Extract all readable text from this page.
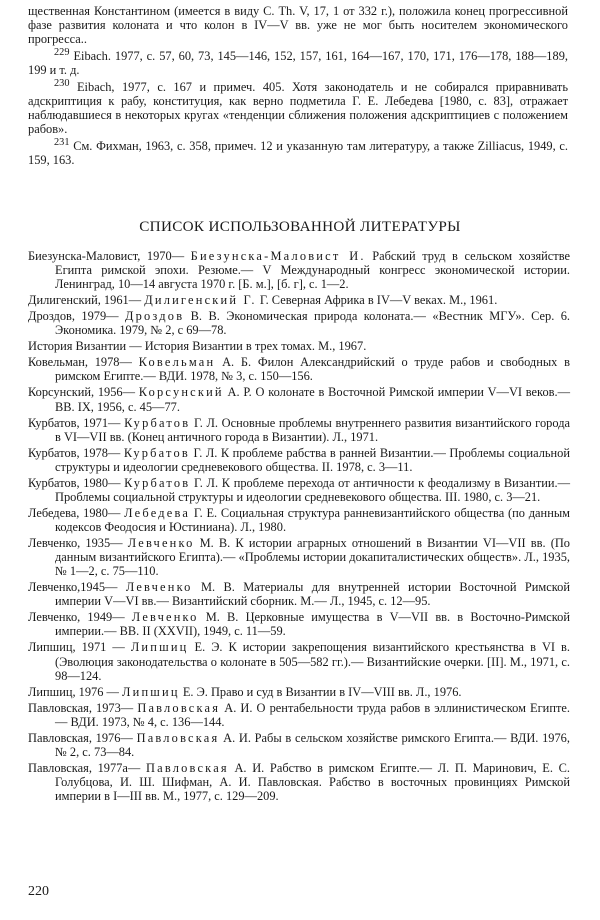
щественная Константином (имеется в виду С. Th. V, 17, 1 от 332 г.), положила конец прогрессивной фазе развития колоната и что колон в IV—V вв. уже не мог быть носителем экономического прогресса..

$^{229}$ Eibach. 1977, с. 57, 60, 73, 145—146, 152, 157, 161, 164—167, 170, 171, 176—178, 188—189, 199 и т. д.

$^{230}$ Eibach, 1977, с. 167 и примеч. 405. Хотя законодатель и не собирался приравнивать адскриптиция к рабу, конституция, как верно подметила Г. Е. Лебедева [1980, с. 83], отражает наблюдавшиеся в некоторых кругах «тенденции сближения положения адскриптициев с положением рабов».

$^{231}$ См. Фихман, 1963, с. 358, примеч. 12 и указанную там литературу, а также Zilliacus, 1949, с. 159, 163.

СПИСОК ИСПОЛЬЗОВАННОЙ ЛИТЕРАТУРЫ

Биезунска-Маловист, 1970— Биезунска-Маловист И. Рабский труд в сельском хозяйстве Египта римской эпохи. Резюме.— V Международный конгресс экономической истории. Ленинград, 10—14 августа 1970 г. [Б. м.], [б. г], с. 1—2.

Дилигенский, 1961— Дилигенский Г. Г. Северная Африка в IV—V веках. М., 1961.

Дроздов, 1979— Дроздов В. В. Экономическая природа колоната.— «Вестник МГУ». Сер. 6. Экономика. 1979, № 2, с 69—78.

История Византии — История Византии в трех томах. М., 1967.

Ковельман, 1978— Ковельман А. Б. Филон Александрийский о труде рабов и свободных в римском Египте.— ВДИ. 1978, № 3, с. 150—156.

Корсунский, 1956— Корсунский А. Р. О колонате в Восточной Римской империи V—VI веков.— ВВ. IX, 1956, с. 45—77.

Курбатов, 1971— Курбатов Г. Л. Основные проблемы внутреннего развития византийского города в VI—VII вв. (Конец античного города в Византии). Л., 1971.

Курбатов, 1978— Курбатов Г. Л. К проблеме рабства в ранней Византии.— Проблемы социальной структуры и идеологии средневекового общества. II. 1978, с. 3—11.

Курбатов, 1980— Курбатов Г. Л. К проблеме перехода от античности к феодализму в Византии.— Проблемы социальной структуры и идеологии средневекового общества. III. 1980, с. 3—21.

Лебедева, 1980— Лебедева Г. Е. Социальная структура ранневизантийского общества (по данным кодексов Феодосия и Юстиниана). Л., 1980.

Левченко, 1935— Левченко М. В. К истории аграрных отношений в Византии VI—VII вв. (По данным византийского Египта).— «Проблемы истории докапиталистических обществ». Л., 1935, № 1—2, с. 75—110.

Левченко,1945— Левченко М. В. Материалы для внутренней истории Восточной Римской империи V—VI вв.— Византийский сборник. М.— Л., 1945, с. 12—95.

Левченко, 1949— Левченко М. В. Церковные имущества в V—VII вв. в Восточно-Римской империи.— ВВ. II (XXVII), 1949, с. 11—59.

Липшиц, 1971 — Липшиц Е. Э. К истории закрепощения византийского крестьянства в VI в. (Эволюция законодательства о колонате в 505—582 гг.).— Византийские очерки. [II]. М., 1971, с. 98—124.

Липшиц, 1976 — Липшиц Е. Э. Право и суд в Византии в IV—VIII вв. Л., 1976.

Павловская, 1973— Павловская А. И. О рентабельности труда рабов в эллинистическом Египте.— ВДИ. 1973, № 4, с. 136—144.

Павловская, 1976— Павловская А. И. Рабы в сельском хозяйстве римского Египта.— ВДИ. 1976, № 2, с. 73—84.

Павловская, 1977а— Павловская А. И. Рабство в римском Египте.— Л. П. Маринович, Е. С. Голубцова, И. Ш. Шифман, А. И. Павловская. Рабство в восточных провинциях Римской империи в I—III вв. М., 1977, с. 129—209.

220
